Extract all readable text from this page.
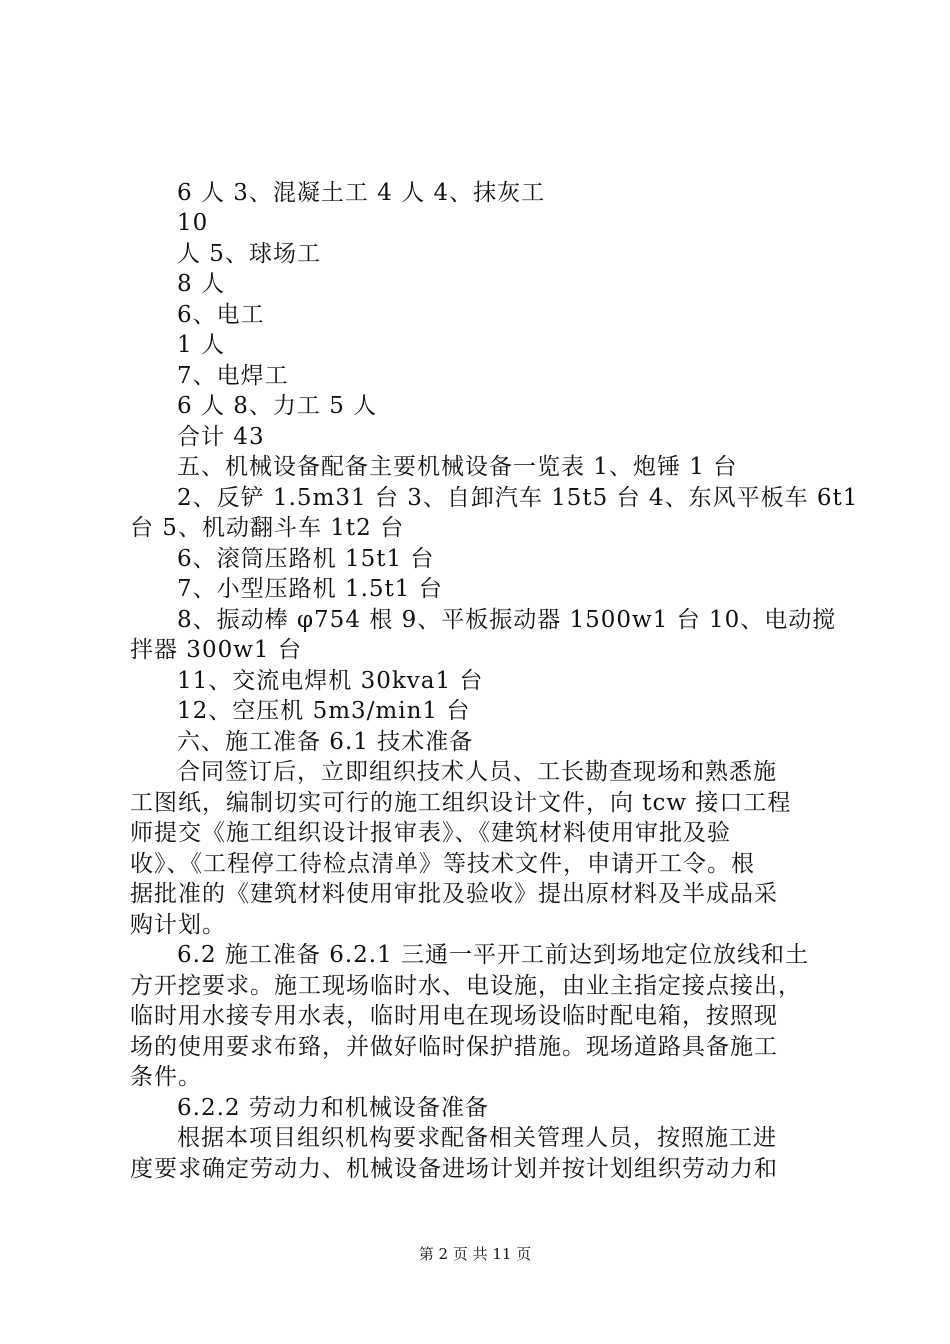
6 人 3、混凝土工 4 人 4、抹灰工
10
人 5、球场工
8 人
6、电工
1 人
7、电焊工
6 人 8、力工 5 人
合计 43
五、机械设备配备主要机械设备一览表 1、炮锤 1 台
2、反铲 1.5m31 台 3、自卸汽车 15t5 台 4、东风平板车 6t1
台 5、机动翻斗车 1t2 台
6、滚筒压路机 15t1 台
7、小型压路机 1.5t1 台
8、振动棒 φ754 根 9、平板振动器 1500w1 台 10、电动搅
拌器 300w1 台
11、交流电焊机 30kva1 台
12、空压机 5m3/min1 台
六、施工准备 6.1 技术准备
合同签订后，立即组织技术人员、工长勘查现场和熟悉施
工图纸，编制切实可行的施工组织设计文件，向 tcw 接口工程
师提交《施工组织设计报审表》、《建筑材料使用审批及验
收》、《工程停工待检点清单》等技术文件，申请开工令。根
据批准的《建筑材料使用审批及验收》提出原材料及半成品采
购计划。
6.2 施工准备 6.2.1 三通一平开工前达到场地定位放线和土
方开挖要求。施工现场临时水、电设施，由业主指定接点接出，
临时用水接专用水表，临时用电在现场设临时配电箱，按照现
场的使用要求布臵，并做好临时保护措施。现场道路具备施工
条件。
6.2.2 劳动力和机械设备准备
根据本项目组织机构要求配备相关管理人员，按照施工进
度要求确定劳动力、机械设备进场计划并按计划组织劳动力和
第 2 页 共 11 页
